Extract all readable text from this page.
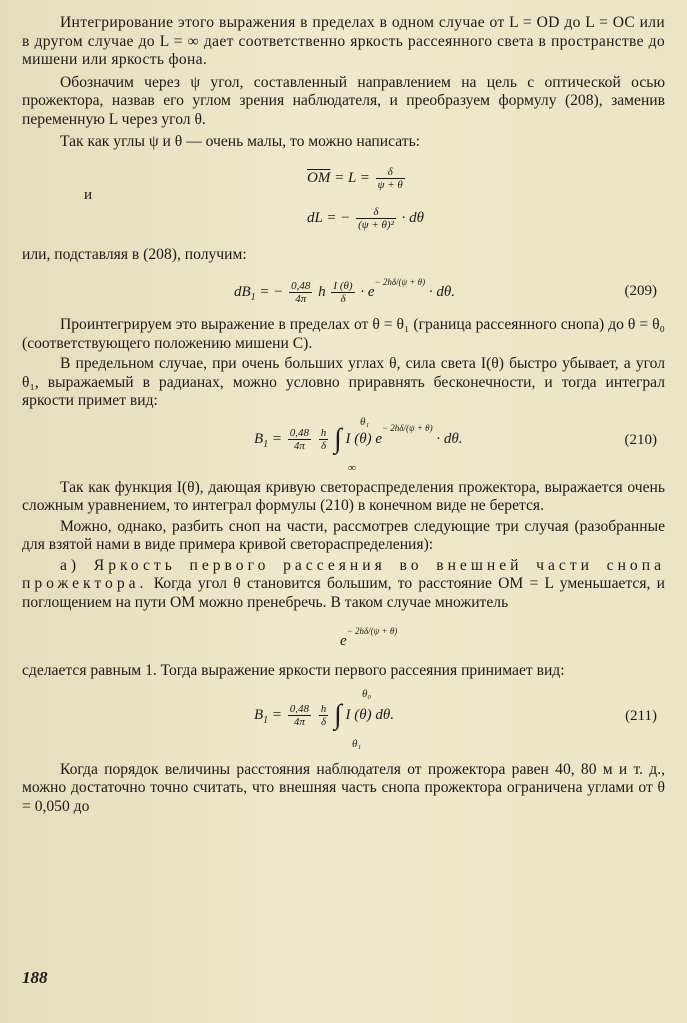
Интегрирование этого выражения в пределах в одном случае от L = OD до L = OC или в другом случае до L = ∞ дает соответственно яркость рассеянного света в пространстве до мишени или яркость фона.

Обозначим через ψ угол, составленный направлением на цель с оптической осью прожектора, назвав его углом зрения наблюдателя, и преобразуем формулу (208), заменив переменную L через угол θ.

Так как углы ψ и θ — очень малы, то можно написать:

$\overline{OM} = L = \frac{\delta}{\psi + \theta}$
и
dL = − $\frac{\delta}{\text{(ψ + θ)²}} \cdot d\theta$

или, подставляя в (208), получим:

$dB_1$ = − $\frac{0,48}{4\pi}$ h $\frac{I (\theta)}{\delta} \cdot e^{- 2h\delta/(\psi + \theta)} \cdot d\theta$.	(209)

Проинтегрируем это выражение в пределах от θ = θ₁ (граница рассеянного снопа) до θ = θ₀ (соответствующего положению мишени C).

В предельном случае, при очень больших углах θ, сила света I(θ) быстро убывает, а угол θ₁, выражаемый в радианах, можно условно приравнять бесконечности, и тогда интеграл яркости примет вид:

θ₁
∞
$B_1 = \frac{0,48}{4\pi}$
$\frac{h}{\delta}$ ∫ I (θ) $e^{- 2h\delta/(\psi + \theta)} \cdot d\theta$.	(210)

Так как функция I(θ), дающая кривую светораспределения прожектора, выражается очень сложным уравнением, то интеграл формулы (210) в конечном виде не берется.

Можно, однако, разбить сноп на части, рассмотрев следующие три случая (разобранные для взятой нами в виде примера кривой светораспределения):

а) Яркость первого рассеяния во внешней части снопа прожектора. Когда угол θ становится большим, то расстояние OM = L уменьшается, и поглощением на пути OM можно пренебречь. В таком случае множитель

$e^{- 2h\delta/(\psi + \theta)}$

сделается равным 1. Тогда выражение яркости первого рассеяния принимает вид:

θ₀
θ₁
$B_1 = \frac{0,48}{4\pi}$
$\frac{h}{\delta}$ ∫ I (θ) dθ.	(211)

Когда порядок величины расстояния наблюдателя от прожектора равен 40, 80 м и т. д., можно достаточно точно считать, что внешняя часть снопа прожектора ограничена углами от θ = 0,050 до

188
